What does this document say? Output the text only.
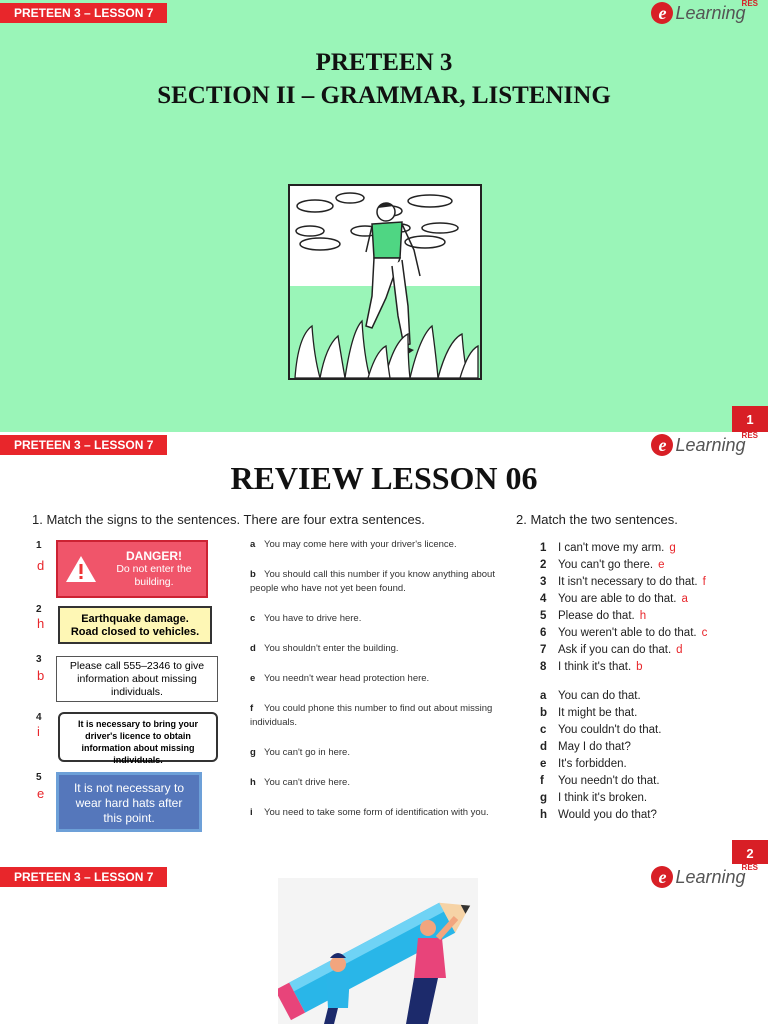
PRETEEN 3 – LESSON 7	e Learning
RES
PRETEEN 3
SECTION II – GRAMMAR, LISTENING
1
PRETEEN 3 – LESSON 7	e Learning
RES
REVIEW LESSON 06
1. Match the signs to the sentences. There are four extra sentences.	2. Match the two sentences.
1
d
DANGER!
Do not enter the building.
2
h	Earthquake damage. Road closed to vehicles.
3
b
Please call 555–2346 to give information about missing individuals.
4
i	It is necessary to bring your driver's licence to obtain information about missing individuals.
5
e	It is not necessary to wear hard hats after this point.
a You may come here with your driver's licence.
b You should call this number if you know anything about people who have not yet been found.
c You have to drive here.
d You shouldn't enter the building.
e You needn't wear head protection here.
f You could phone this number to find out about missing individuals.
g You can't go in here.
h You can't drive here.
i You need to take some form of identification with you.
1 I can't move my arm. g
2 You can't go there. e
3 It isn't necessary to do that. f
4 You are able to do that. a
5 Please do that. h
6 You weren't able to do that. c
7 Ask if you can do that. d
8 I think it's that. b
a You can do that.
b It might be that.
c You couldn't do that.
d May I do that?
e It's forbidden.
f You needn't do that.
g I think it's broken.
h Would you do that?
2
PRETEEN 3 – LESSON 7	e Learning
RES
